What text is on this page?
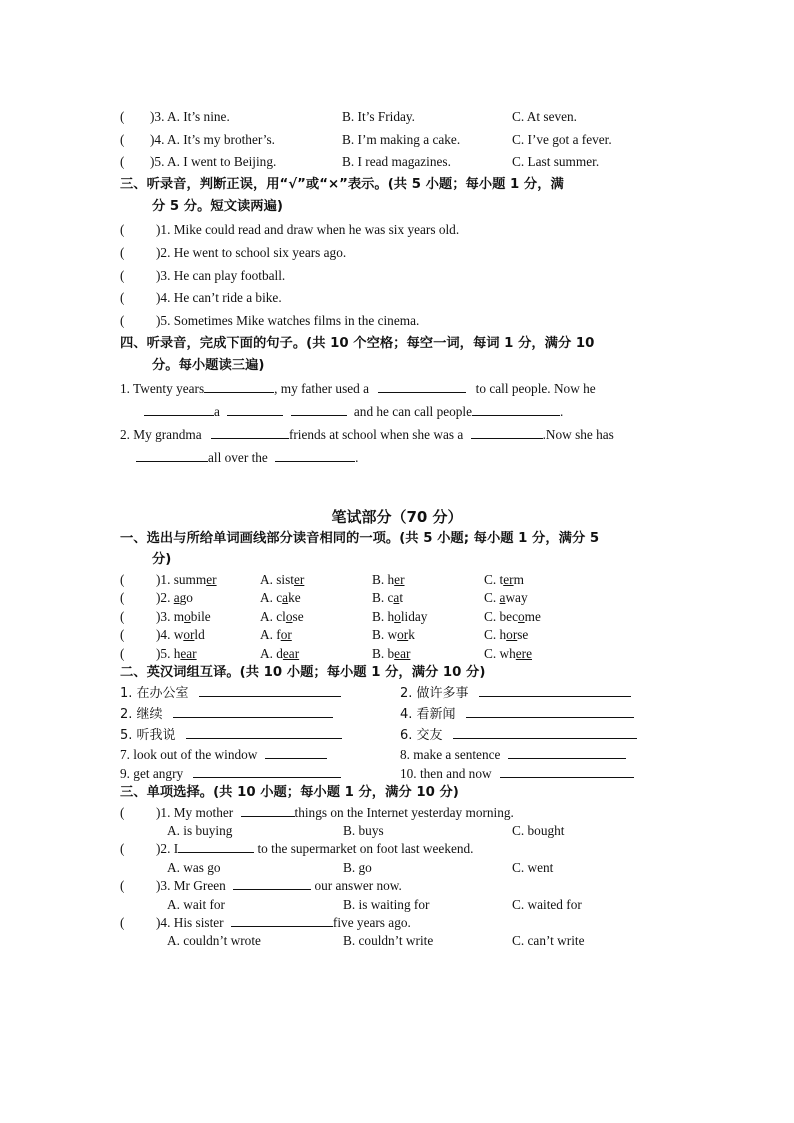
( )3. A. It’s nine.	B. It’s Friday.	C. At seven.
( )4. A. It’s my brother’s.	B. I’m making a cake.	C. I’ve got a fever.
( )5. A. I went to Beijing.	B. I read magazines.	C. Last summer.
三、听录音，判断正误，用“√”或“×”表示。(共 5 小题；每小题 1 分，满
分 5 分。短文读两遍)
( )1. Mike could read and draw when he was six years old.
( )2. He went to school six years ago.
( )3. He can play football.
( )4. He can’t ride a bike.
( )5. Sometimes Mike watches films in the cinema.
四、听录音，完成下面的句子。(共 10 个空格；每空一词，每词 1 分，满分 10
分。每小题读三遍)
1. Twenty years	, my father used a	to call people. Now he
a	and he can call people	.
2. My grandma	friends at school when she was a	.Now she has
all over the	.
笔试部分（70 分）
一、选出与所给单词画线部分读音相同的一项。(共 5 小题; 每小题 1 分，满分 5
分)
( )1. summer	A. sister	B. her	C. term
( )2. ago	A. cake	B. cat	C. away
( )3. mobile	A. close	B. holiday	C. become
( )4. world	A. for	B. work	C. horse
( )5. hear	A. dear	B. bear	C. where
二、英汉词组互译。(共 10 小题；每小题 1 分，满分 10 分)
1. 在办公室	2. 做许多事
2. 继续	4. 看新闻
5. 听我说	6. 交友
7. look out of the window	8. make a sentence
9. get angry	10. then and now
三、单项选择。(共 10 小题；每小题 1 分，满分 10 分)
( )1. My mother	things on the Internet yesterday morning.
A. is buying	B. buys	C. bought
( )2. I	to the supermarket on foot last weekend.
A. was go	B. go	C. went
( )3. Mr Green	our answer now.
A. wait for	B. is waiting for	C. waited for
( )4. His sister	five years ago.
A. couldn’t wrote	B. couldn’t write	C. can’t write
